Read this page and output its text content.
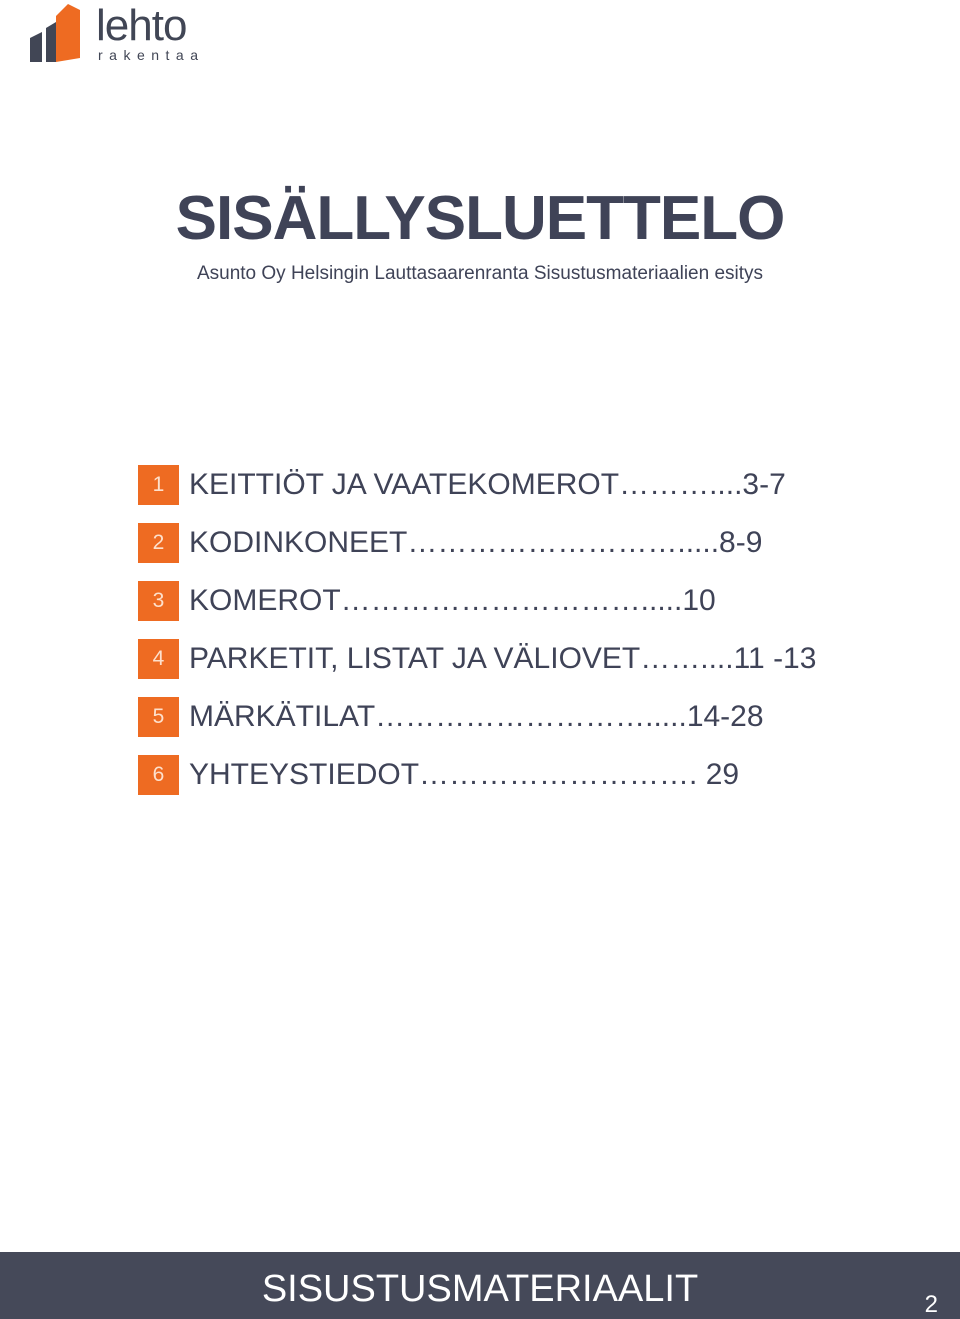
lehto
rakentaa
SISÄLLYSLUETTELO
Asunto Oy Helsingin Lauttasaarenranta Sisustusmateriaalien esitys
1 KEITTIÖT JA VAATEKOMEROT………....3-7
2 KODINKONEET……………………….....8-9
3 KOMEROT………………………….....10
4 PARKETIT, LISTAT JA VÄLIOVET……....11 -13
5 MÄRKÄTILAT……………………….....14-28
6 YHTEYSTIEDOT………………………. 29
SISUSTUSMATERIAALIT	2
